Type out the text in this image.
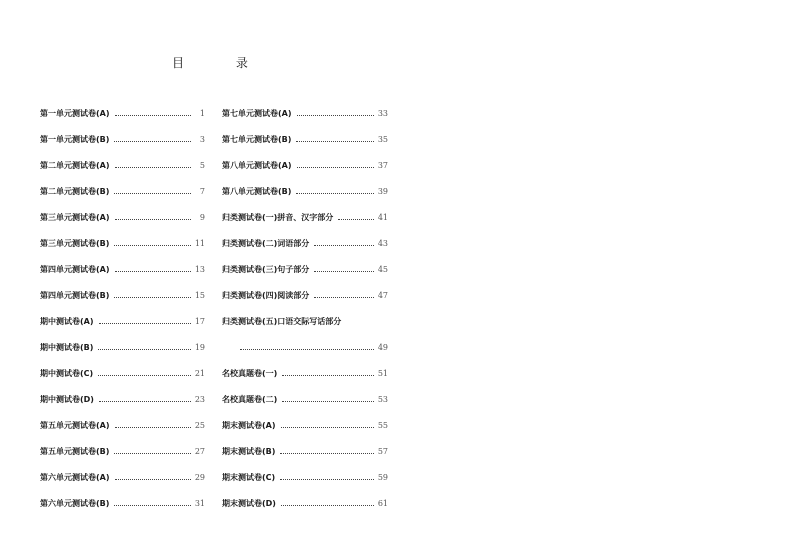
目 录
第一单元测试卷(A)	1
第一单元测试卷(B)	3
第二单元测试卷(A)	5
第二单元测试卷(B)	7
第三单元测试卷(A)	9
第三单元测试卷(B)	11
第四单元测试卷(A)	13
第四单元测试卷(B)	15
期中测试卷(A)	17
期中测试卷(B)	19
期中测试卷(C)	21
期中测试卷(D)	23
第五单元测试卷(A)	25
第五单元测试卷(B)	27
第六单元测试卷(A)	29
第六单元测试卷(B)	31
第七单元测试卷(A)	33
第七单元测试卷(B)	35
第八单元测试卷(A)	37
第八单元测试卷(B)	39
归类测试卷(一)拼音、汉字部分	41
归类测试卷(二)词语部分	43
归类测试卷(三)句子部分	45
归类测试卷(四)阅读部分	47
归类测试卷(五)口语交际写话部分
49
名校真题卷(一)	51
名校真题卷(二)	53
期末测试卷(A)	55
期末测试卷(B)	57
期末测试卷(C)	59
期末测试卷(D)	61
